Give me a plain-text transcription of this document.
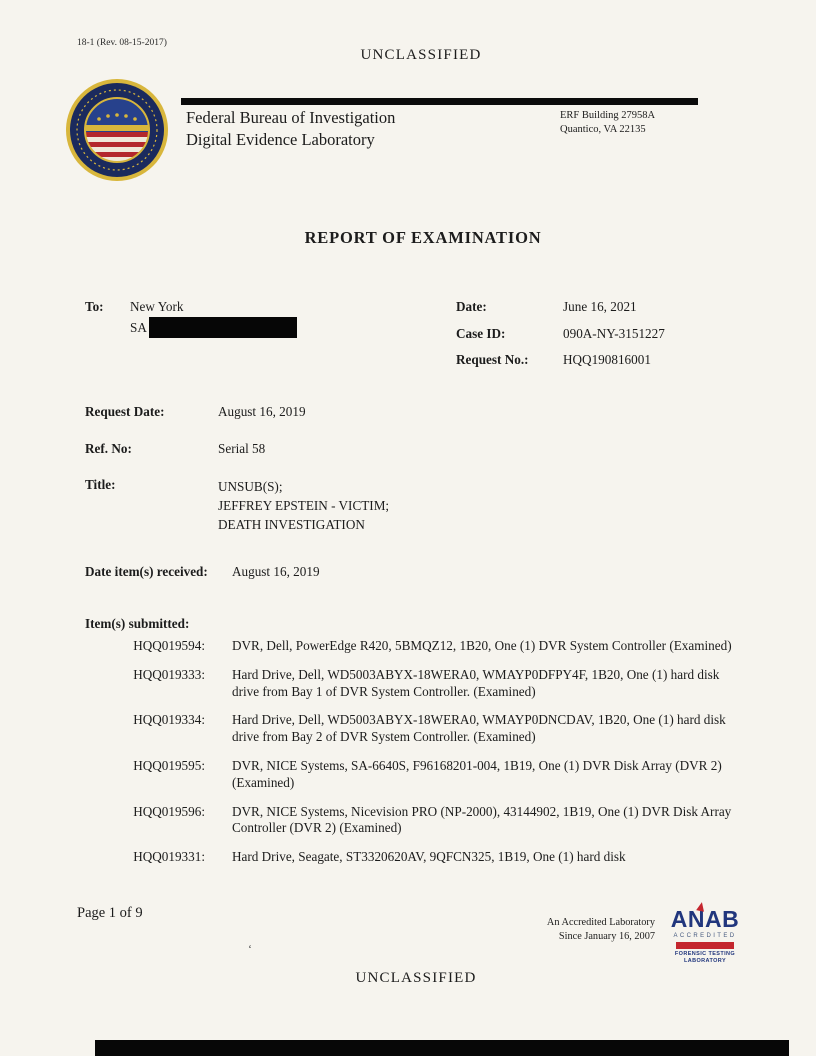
18-1 (Rev. 08-15-2017)
UNCLASSIFIED
Federal Bureau of Investigation
Digital Evidence Laboratory
ERF Building 27958A
Quantico, VA 22135
REPORT OF EXAMINATION
To: New York
SA
Date:	June 16, 2021
Case ID:	090A-NY-3151227
Request No.:	HQQ190816001
Request Date:	August 16, 2019
Ref. No:	Serial 58
Title:	UNSUB(S);
JEFFREY EPSTEIN - VICTIM;
DEATH INVESTIGATION
Date item(s) received: August 16, 2019
Item(s) submitted:
HQQ019594: DVR, Dell, PowerEdge R420, 5BMQZ12, 1B20, One (1) DVR System Controller (Examined)
HQQ019333: Hard Drive, Dell, WD5003ABYX-18WERA0, WMAYP0DFPY4F, 1B20, One (1) hard disk drive from Bay 1 of DVR System Controller. (Examined)
HQQ019334: Hard Drive, Dell, WD5003ABYX-18WERA0, WMAYP0DNCDAV, 1B20, One (1) hard disk drive from Bay 2 of DVR System Controller. (Examined)
HQQ019595: DVR, NICE Systems, SA-6640S, F96168201-004, 1B19, One (1) DVR Disk Array (DVR 2) (Examined)
HQQ019596: DVR, NICE Systems, Nicevision PRO (NP-2000), 43144902, 1B19, One (1) DVR Disk Array Controller (DVR 2) (Examined)
HQQ019331: Hard Drive, Seagate, ST3320620AV, 9QFCN325, 1B19, One (1) hard disk
Page 1 of 9
An Accredited Laboratory
Since January 16, 2007
ANAB
ACCREDITED
FORENSIC TESTING
LABORATORY
‘
UNCLASSIFIED
